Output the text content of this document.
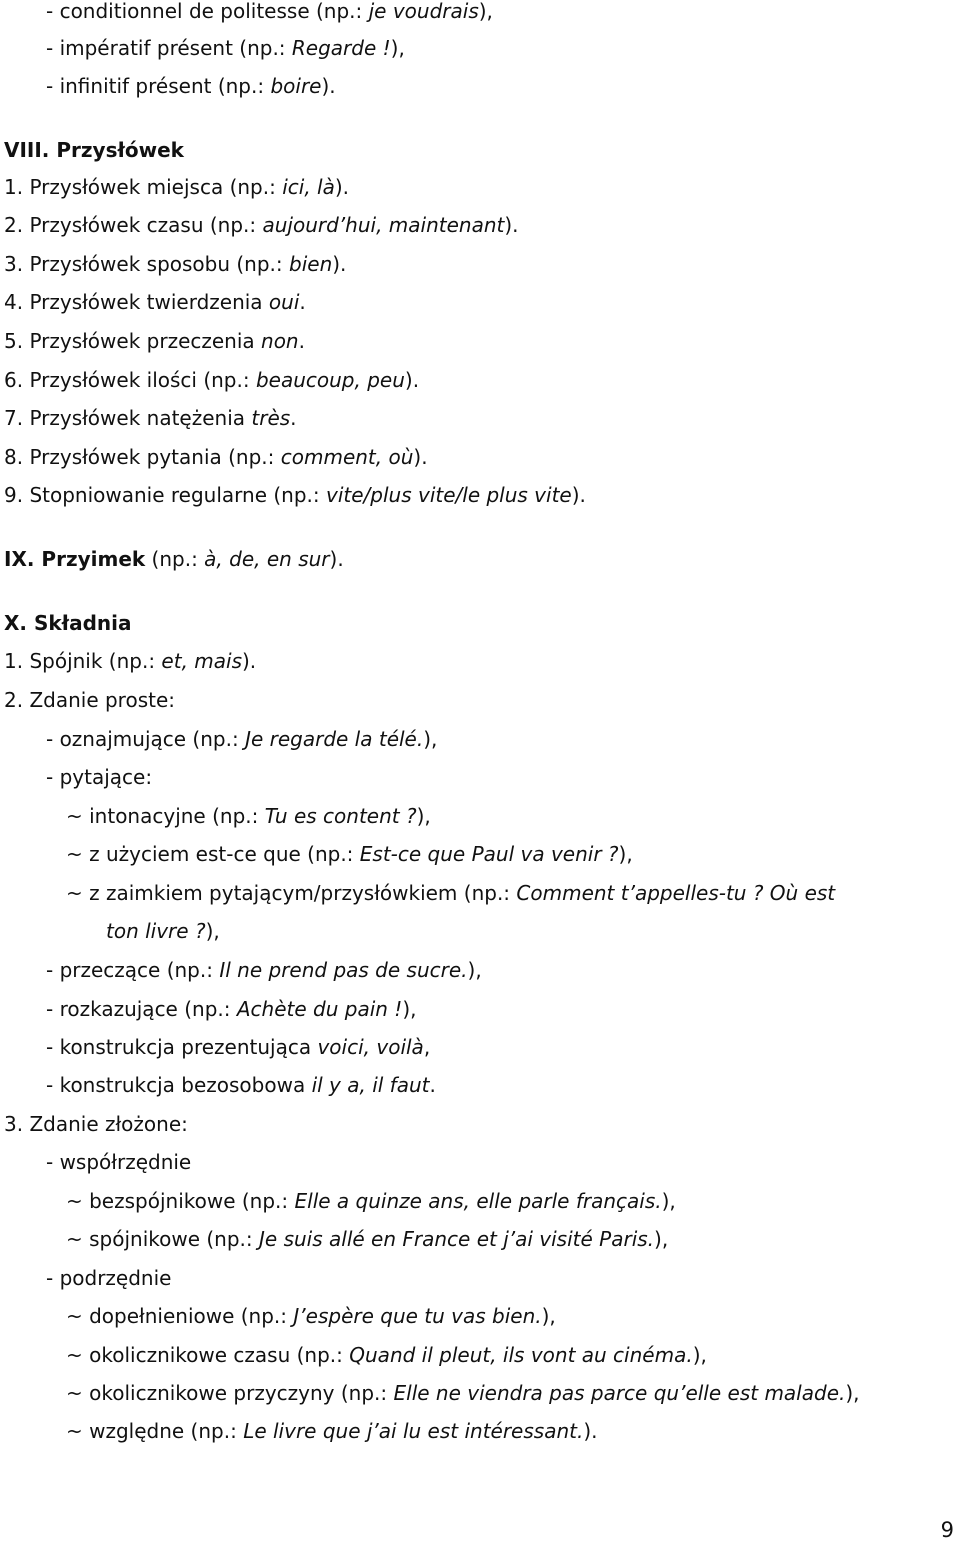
- conditionnel de politesse (np.: je voudrais),
- impératif présent (np.: Regarde !),
- infinitif présent (np.: boire).
VIII. Przysłówek
1. Przysłówek miejsca (np.: ici, là).
2. Przysłówek czasu (np.: aujourd’hui, maintenant).
3. Przysłówek sposobu (np.: bien).
4. Przysłówek twierdzenia oui.
5. Przysłówek przeczenia non.
6. Przysłówek ilości (np.: beaucoup, peu).
7. Przysłówek natężenia très.
8. Przysłówek pytania (np.: comment, où).
9. Stopniowanie regularne (np.: vite/plus vite/le plus vite).
IX. Przyimek (np.: à, de, en sur).
X. Składnia
1. Spójnik (np.: et, mais).
2. Zdanie proste:
- oznajmujące (np.: Je regarde la télé.),
- pytające:
~ intonacyjne (np.: Tu es content ?),
~ z użyciem est-ce que (np.: Est-ce que Paul va venir ?),
~ z zaimkiem pytającym/przysłówkiem (np.: Comment t’appelles-tu ? Où est
ton livre ?),
- przeczące (np.: Il ne prend pas de sucre.),
- rozkazujące (np.: Achète du pain !),
- konstrukcja prezentująca voici, voilà,
- konstrukcja bezosobowa il y a, il faut.
3. Zdanie złożone:
- współrzędnie
~ bezspójnikowe (np.: Elle a quinze ans, elle parle français.),
~ spójnikowe (np.: Je suis allé en France et j’ai visité Paris.),
- podrzędnie
~ dopełnieniowe (np.: J’espère que tu vas bien.),
~ okolicznikowe czasu (np.: Quand il pleut, ils vont au cinéma.),
~ okolicznikowe przyczyny (np.: Elle ne viendra pas parce qu’elle est malade.),
~ względne (np.: Le livre que j’ai lu est intéressant.).
9
